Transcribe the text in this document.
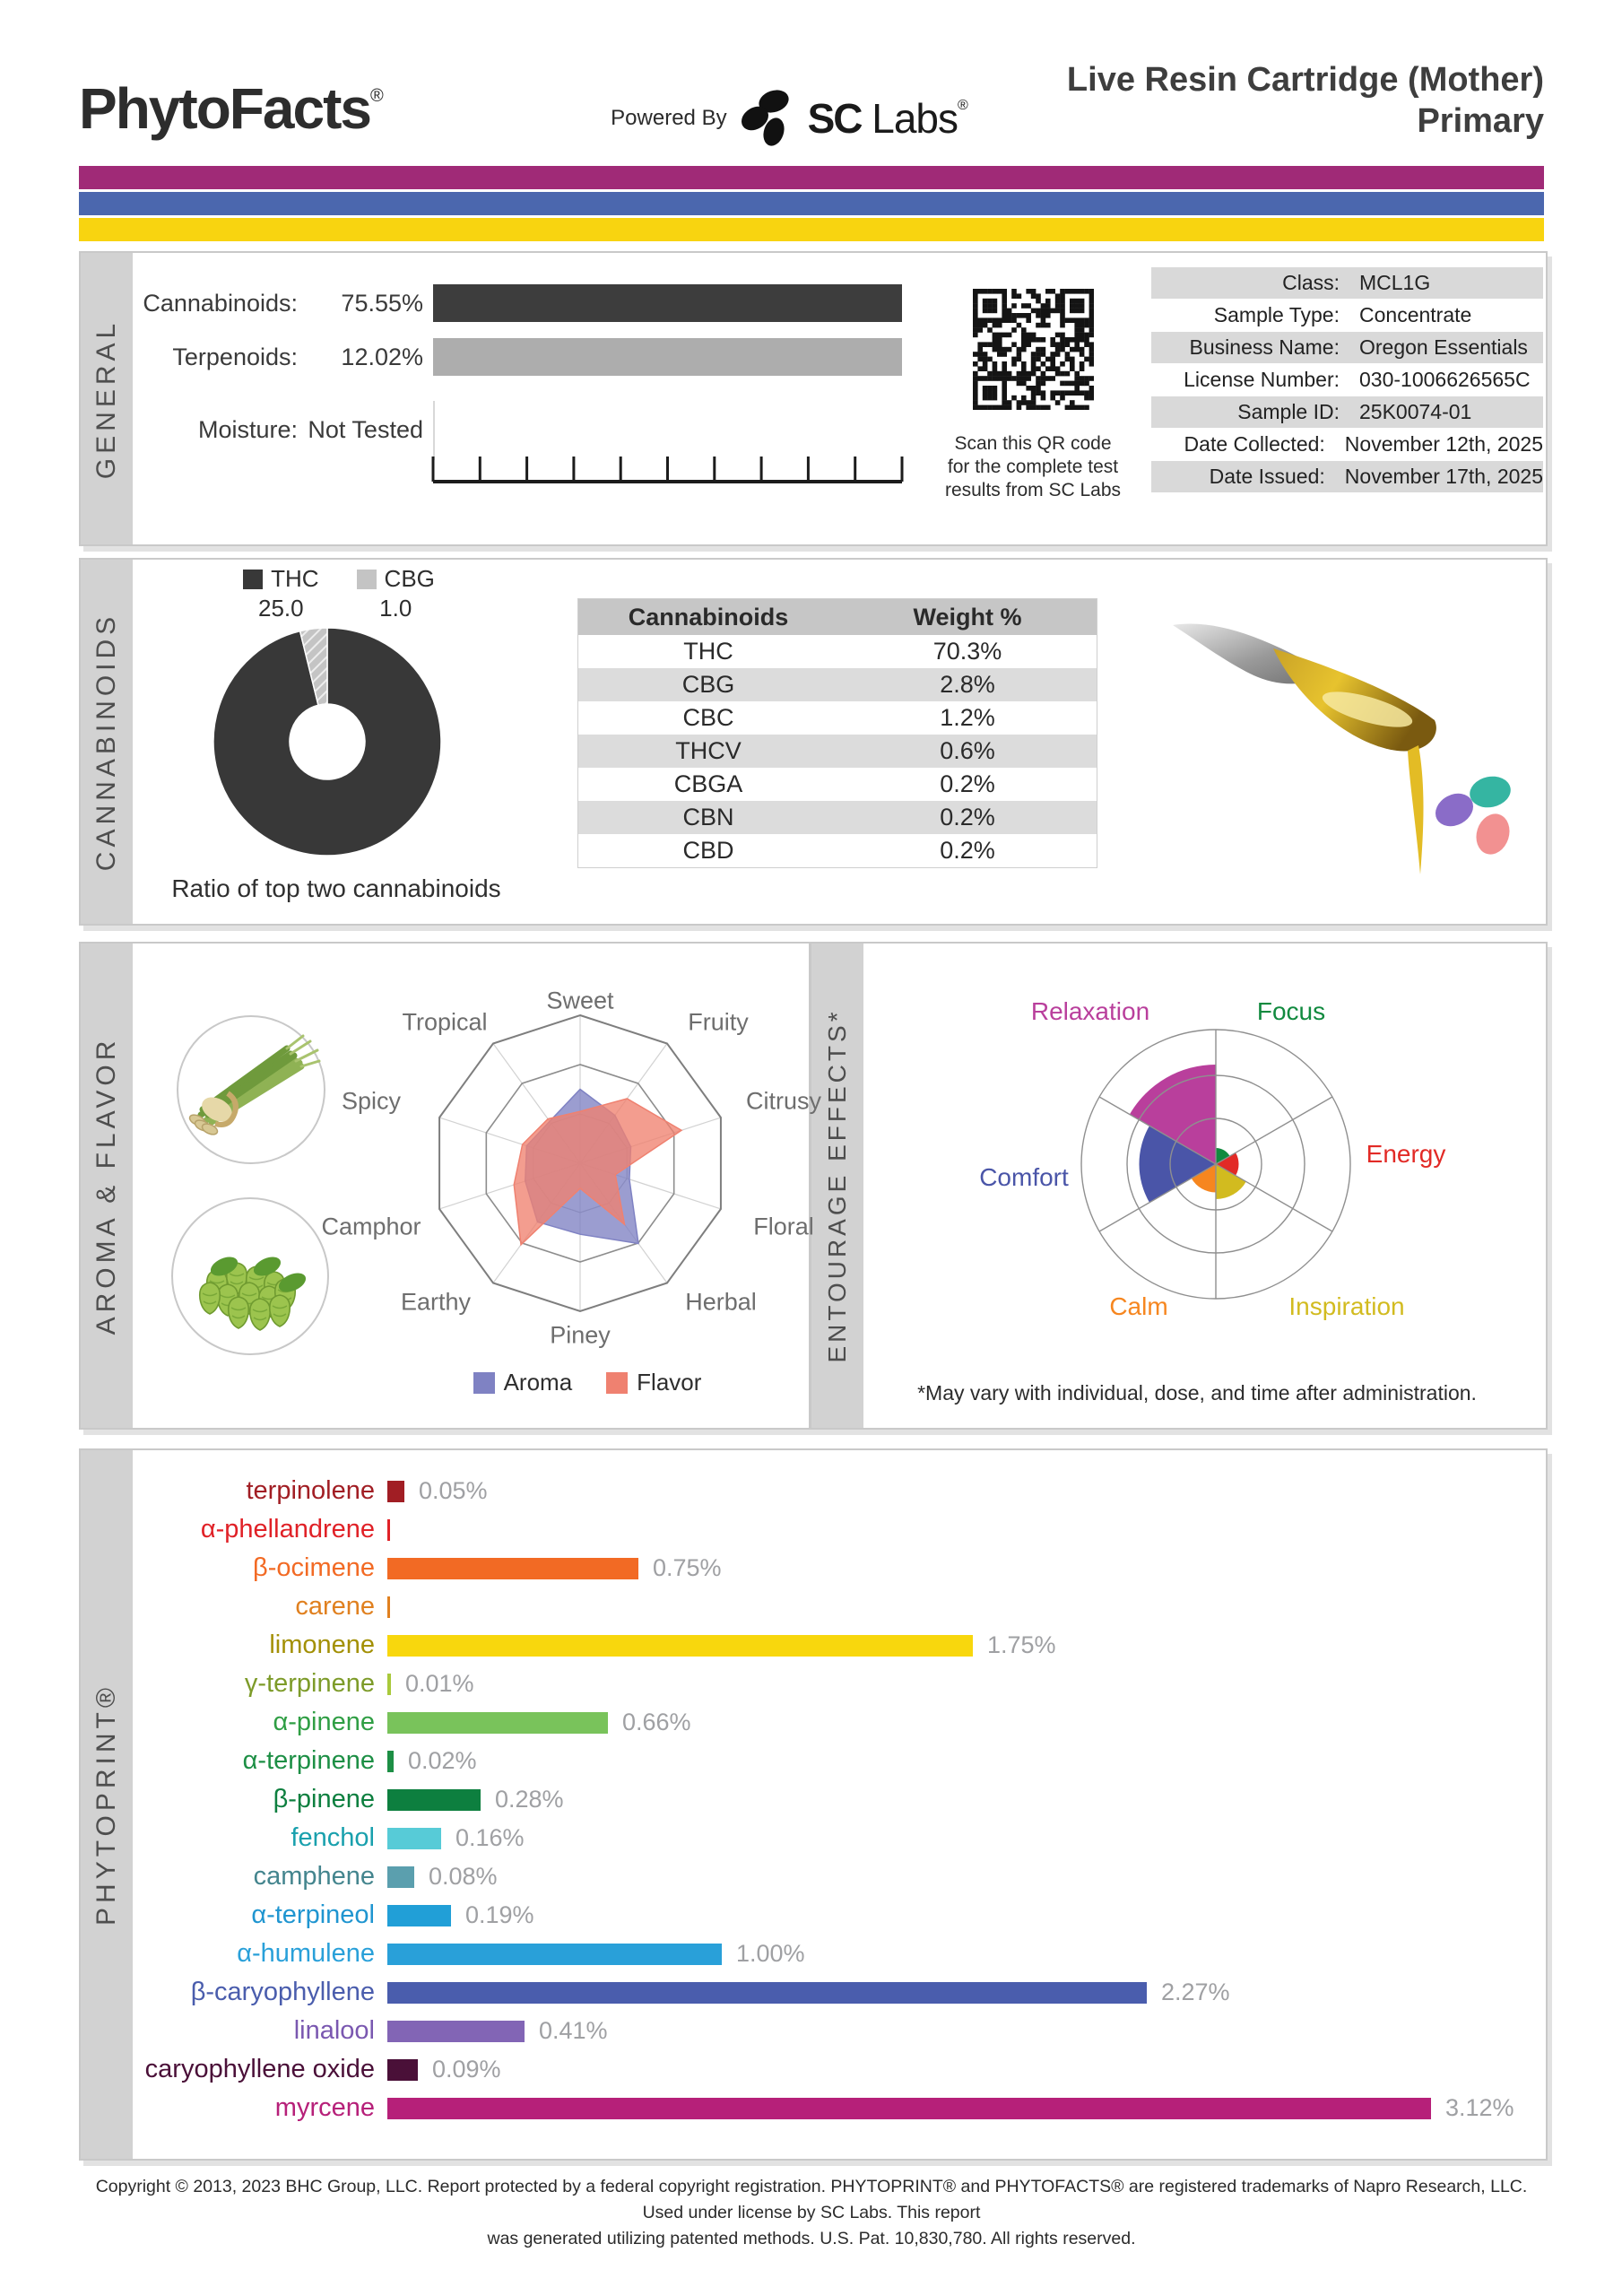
PhytoFacts®
Powered By SC Labs®
Live Resin Cartridge (Mother)
Primary
GENERAL
CANNABINOIDS
AROMA & FLAVOR	ENTOURAGE EFFECTS*
PHYTOPRINT®
Cannabinoids:	75.55%
Terpenoids:	12.02%
Moisture: Not Tested
Scan this QR code
for the complete test
results from SC Labs
Class: MCL1G
Sample Type: Concentrate
Business Name: Oregon Essentials
License Number: 030-1006626565C
Sample ID: 25K0074-01
Date Collected: November 12th, 2025
Date Issued: November 17th, 2025
THC
25.0
CBG
1.0
Ratio of top two cannabinoids
Cannabinoids	Weight %
THC	70.3%
CBG	2.8%
CBC	1.2%
THCV	0.6%
CBGA	0.2%
CBN	0.2%
CBD	0.2%
Sweet
Fruity
Citrusy
Floral
Herbal
Piney
Earthy
Camphor
Spicy
Tropical
Aroma	Flavor
Focus
Energy
Inspiration
Calm
Comfort
Relaxation
*May vary with individual, dose, and time after administration.
terpinolene	0.05%
α-phellandrene
β-ocimene	0.75%
carene
limonene	1.75%
γ-terpinene	0.01%
α-pinene	0.66%
α-terpinene	0.02%
β-pinene	0.28%
fenchol	0.16%
camphene	0.08%
α-terpineol	0.19%
α-humulene	1.00%
β-caryophyllene	2.27%
linalool	0.41%
caryophyllene oxide	0.09%
myrcene	3.12%
Copyright © 2013, 2023 BHC Group, LLC. Report protected by a federal copyright registration. PHYTOPRINT® and PHYTOFACTS® are registered trademarks of Napro Research, LLC. Used under license by SC Labs. This report
was generated utilizing patented methods. U.S. Pat. 10,830,780. All rights reserved.
